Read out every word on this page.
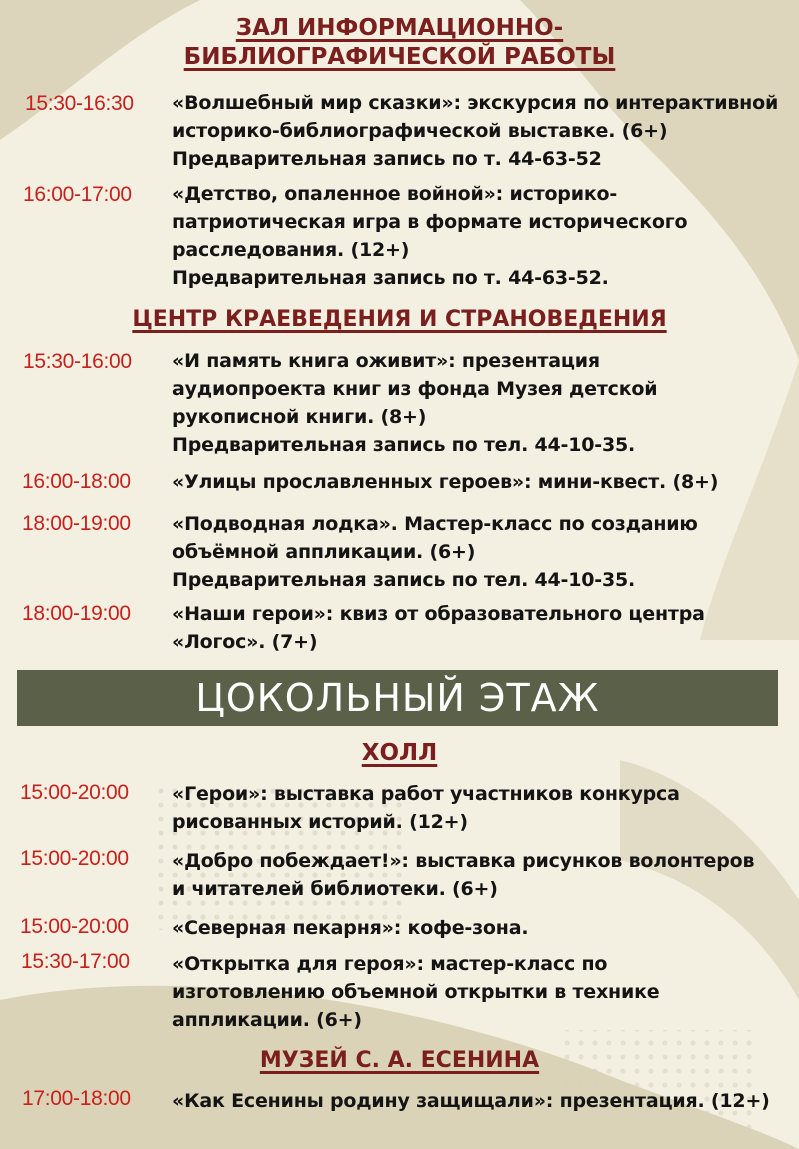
ЗАЛ ИНФОРМАЦИОННО-
БИБЛИОГРАФИЧЕСКОЙ РАБОТЫ
15:30-16:30 «Волшебный мир сказки»: экскурсия по интерактивной
историко-библиографической выставке. (6+)
Предварительная запись по т. 44-63-52
16:00-17:00 «Детство, опаленное войной»: историко-
патриотическая игра в формате исторического
расследования. (12+)
Предварительная запись по т. 44-63-52.
ЦЕНТР КРАЕВЕДЕНИЯ И СТРАНОВЕДЕНИЯ
15:30-16:00 «И память книга оживит»: презентация
аудиопроекта книг из фонда Музея детской
рукописной книги. (8+)
Предварительная запись по тел. 44-10-35.
16:00-18:00 «Улицы прославленных героев»: мини-квест. (8+)
18:00-19:00 «Подводная лодка». Мастер-класс по созданию
объёмной аппликации. (6+)
Предварительная запись по тел. 44-10-35.
18:00-19:00 «Наши герои»: квиз от образовательного центра
«Логос». (7+)
ЦОКОЛЬНЫЙ ЭТАЖ
ХОЛЛ
15:00-20:00 «Герои»: выставка работ участников конкурса
рисованных историй. (12+)
15:00-20:00 «Добро побеждает!»: выставка рисунков волонтеров
и читателей библиотеки. (6+)
15:00-20:00 «Северная пекарня»: кофе-зона.
15:30-17:00 «Открытка для героя»: мастер-класс по
изготовлению объемной открытки в технике
аппликации. (6+)
МУЗЕЙ С. А. ЕСЕНИНА
17:00-18:00 «Как Есенины родину защищали»: презентация. (12+)
